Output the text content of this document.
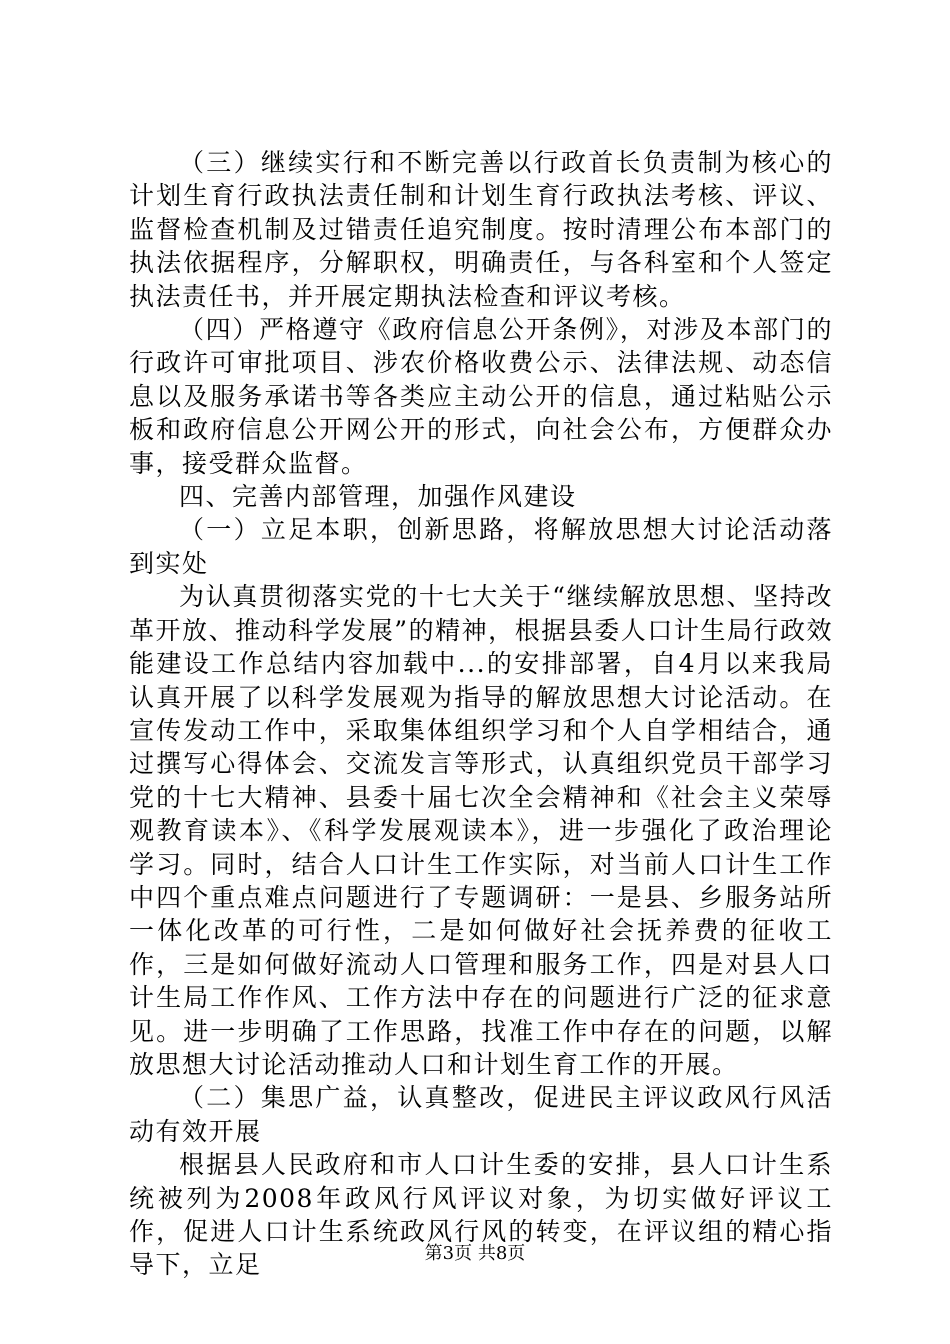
（三）继续实行和不断完善以行政首长负责制为核心的计划生育行政执法责任制和计划生育行政执法考核、评议、监督检查机制及过错责任追究制度。按时清理公布本部门的执法依据程序，分解职权，明确责任，与各科室和个人签定执法责任书，并开展定期执法检查和评议考核。

（四）严格遵守《政府信息公开条例》，对涉及本部门的行政许可审批项目、涉农价格收费公示、法律法规、动态信息以及服务承诺书等各类应主动公开的信息，通过粘贴公示板和政府信息公开网公开的形式，向社会公布，方便群众办事，接受群众监督。

四、完善内部管理，加强作风建设

（一）立足本职，创新思路，将解放思想大讨论活动落到实处

为认真贯彻落实党的十七大关于“继续解放思想、坚持改革开放、推动科学发展”的精神，根据县委人口计生局行政效能建设工作总结内容加载中...的安排部署，自4月以来我局认真开展了以科学发展观为指导的解放思想大讨论活动。在宣传发动工作中，采取集体组织学习和个人自学相结合，通过撰写心得体会、交流发言等形式，认真组织党员干部学习党的十七大精神、县委十届七次全会精神和《社会主义荣辱观教育读本》、《科学发展观读本》，进一步强化了政治理论学习。同时，结合人口计生工作实际，对当前人口计生工作中四个重点难点问题进行了专题调研：一是县、乡服务站所一体化改革的可行性，二是如何做好社会抚养费的征收工作，三是如何做好流动人口管理和服务工作，四是对县人口计生局工作作风、工作方法中存在的问题进行广泛的征求意见。进一步明确了工作思路，找准工作中存在的问题，以解放思想大讨论活动推动人口和计划生育工作的开展。

（二）集思广益，认真整改，促进民主评议政风行风活动有效开展

根据县人民政府和市人口计生委的安排，县人口计生系统被列为2008年政风行风评议对象，为切实做好评议工作，促进人口计生系统政风行风的转变，在评议组的精心指导下，立足	第3页 共8页
